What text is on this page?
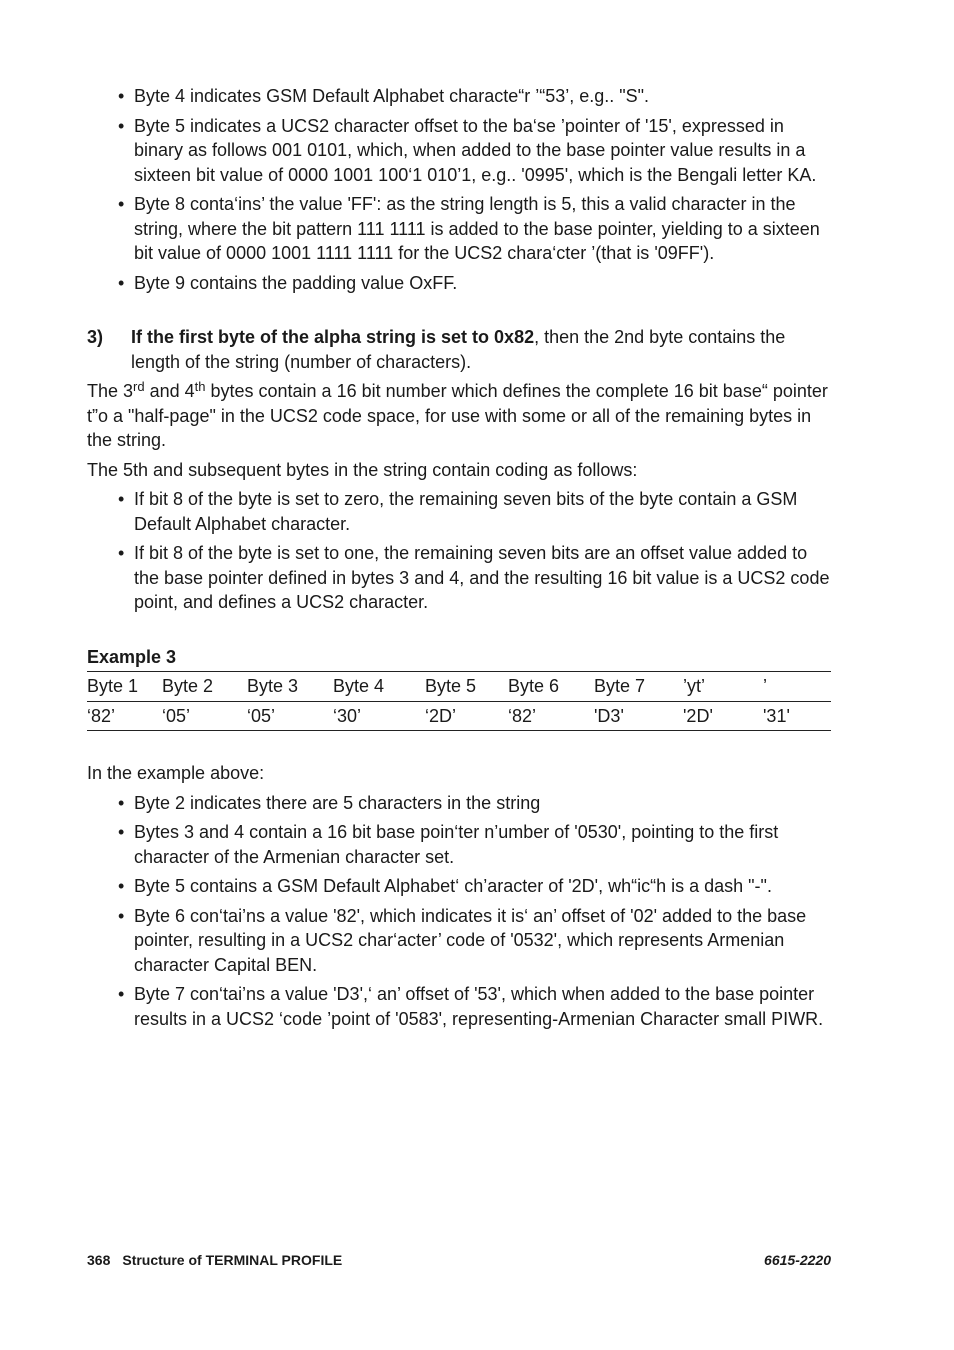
• Byte 4 indicates GSM Default Alphabet characte“r ’“53’, e.g.. "S".
• Byte 5 indicates a UCS2 character offset to the ba‘se ’pointer of '15', expressed in binary as follows 001 0101, which, when added to the base pointer value results in a sixteen bit value of 0000 1001 100‘1 010’1, e.g.. '0995', which is the Bengali letter KA.
• Byte 8 conta‘ins’ the value 'FF': as the string length is 5, this a valid character in the string, where the bit pattern 111 1111 is added to the base pointer, yielding to a sixteen bit value of 0000 1001 1111 1111 for the UCS2 chara‘cter ’(that is '09FF').
• Byte 9 contains the padding value OxFF.
3)	If the first byte of the alpha string is set to 0x82, then the 2nd byte contains the length of the string (number of characters).

The 3rd and 4th bytes contain a 16 bit number which defines the complete 16 bit base“ pointer t”o a "half-page" in the UCS2 code space, for use with some or all of the remaining bytes in the string.

The 5th and subsequent bytes in the string contain coding as follows:

• If bit 8 of the byte is set to zero, the remaining seven bits of the byte contain a GSM Default Alphabet character.
• If bit 8 of the byte is set to one, the remaining seven bits are an offset value added to the base pointer defined in bytes 3 and 4, and the resulting 16 bit value is a UCS2 code point, and defines a UCS2 character.
Example 3
Byte 1	Byte 2	Byte 3	Byte 4	Byte 5	Byte 6	Byte 7	’yt’	’
‘82’	‘05’	‘05’	‘30’	‘2D’	‘82’	'D3'	'2D'	'31'

In the example above:

• Byte 2 indicates there are 5 characters in the string
• Bytes 3 and 4 contain a 16 bit base poin‘ter n’umber of '0530', pointing to the first character of the Armenian character set.
• Byte 5 contains a GSM Default Alphabet‘ ch’aracter of '2D', wh“ic“h is a dash "-".
• Byte 6 con‘tai’ns a value '82', which indicates it is‘ an’ offset of '02' added to the base pointer, resulting in a UCS2 char‘acter’ code of '0532', which represents Armenian character Capital BEN.
• Byte 7 con‘tai’ns a value 'D3',‘ an’ offset of '53', which when added to the base pointer results in a UCS2 ‘code ’point of '0583', representing-Armenian Character small PIWR.
368 Structure of TERMINAL PROFILE	6615-2220
